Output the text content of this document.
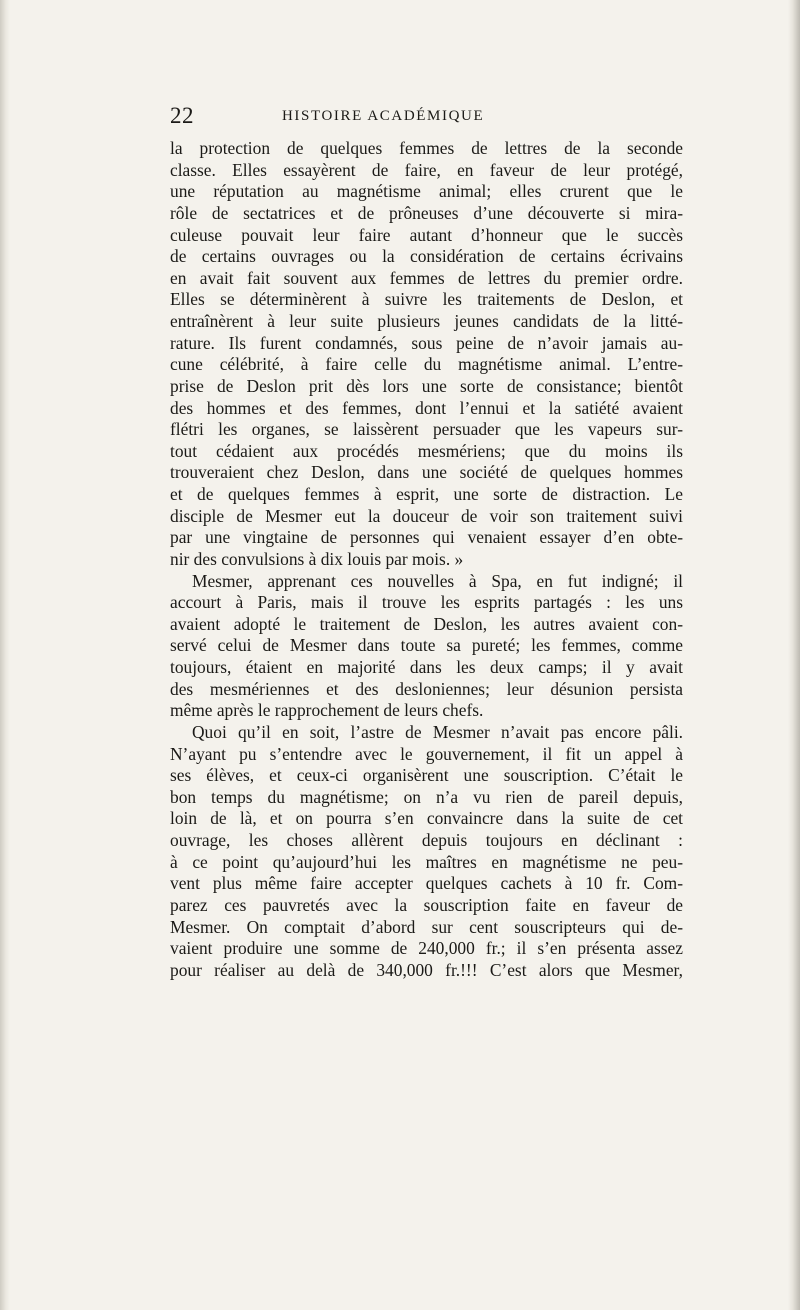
22	HISTOIRE ACADÉMIQUE
la protection de quelques femmes de lettres de la seconde
classe. Elles essayèrent de faire, en faveur de leur protégé,
une réputation au magnétisme animal; elles crurent que le
rôle de sectatrices et de prôneuses d’une découverte si mira-
culeuse pouvait leur faire autant d’honneur que le succès
de certains ouvrages ou la considération de certains écrivains
en avait fait souvent aux femmes de lettres du premier ordre.
Elles se déterminèrent à suivre les traitements de Deslon, et
entraînèrent à leur suite plusieurs jeunes candidats de la litté-
rature. Ils furent condamnés, sous peine de n’avoir jamais au-
cune célébrité, à faire celle du magnétisme animal. L’entre-
prise de Deslon prit dès lors une sorte de consistance; bientôt
des hommes et des femmes, dont l’ennui et la satiété avaient
flétri les organes, se laissèrent persuader que les vapeurs sur-
tout cédaient aux procédés mesmériens; que du moins ils
trouveraient chez Deslon, dans une société de quelques hommes
et de quelques femmes à esprit, une sorte de distraction. Le
disciple de Mesmer eut la douceur de voir son traitement suivi
par une vingtaine de personnes qui venaient essayer d’en obte-
nir des convulsions à dix louis par mois. »
Mesmer, apprenant ces nouvelles à Spa, en fut indigné; il
accourt à Paris, mais il trouve les esprits partagés : les uns
avaient adopté le traitement de Deslon, les autres avaient con-
servé celui de Mesmer dans toute sa pureté; les femmes, comme
toujours, étaient en majorité dans les deux camps; il y avait
des mesmériennes et des desloniennes; leur désunion persista
même après le rapprochement de leurs chefs.
Quoi qu’il en soit, l’astre de Mesmer n’avait pas encore pâli.
N’ayant pu s’entendre avec le gouvernement, il fit un appel à
ses élèves, et ceux-ci organisèrent une souscription. C’était le
bon temps du magnétisme; on n’a vu rien de pareil depuis,
loin de là, et on pourra s’en convaincre dans la suite de cet
ouvrage, les choses allèrent depuis toujours en déclinant :
à ce point qu’aujourd’hui les maîtres en magnétisme ne peu-
vent plus même faire accepter quelques cachets à 10 fr. Com-
parez ces pauvretés avec la souscription faite en faveur de
Mesmer. On comptait d’abord sur cent souscripteurs qui de-
vaient produire une somme de 240,000 fr.; il s’en présenta assez
pour réaliser au delà de 340,000 fr.!!! C’est alors que Mesmer,
